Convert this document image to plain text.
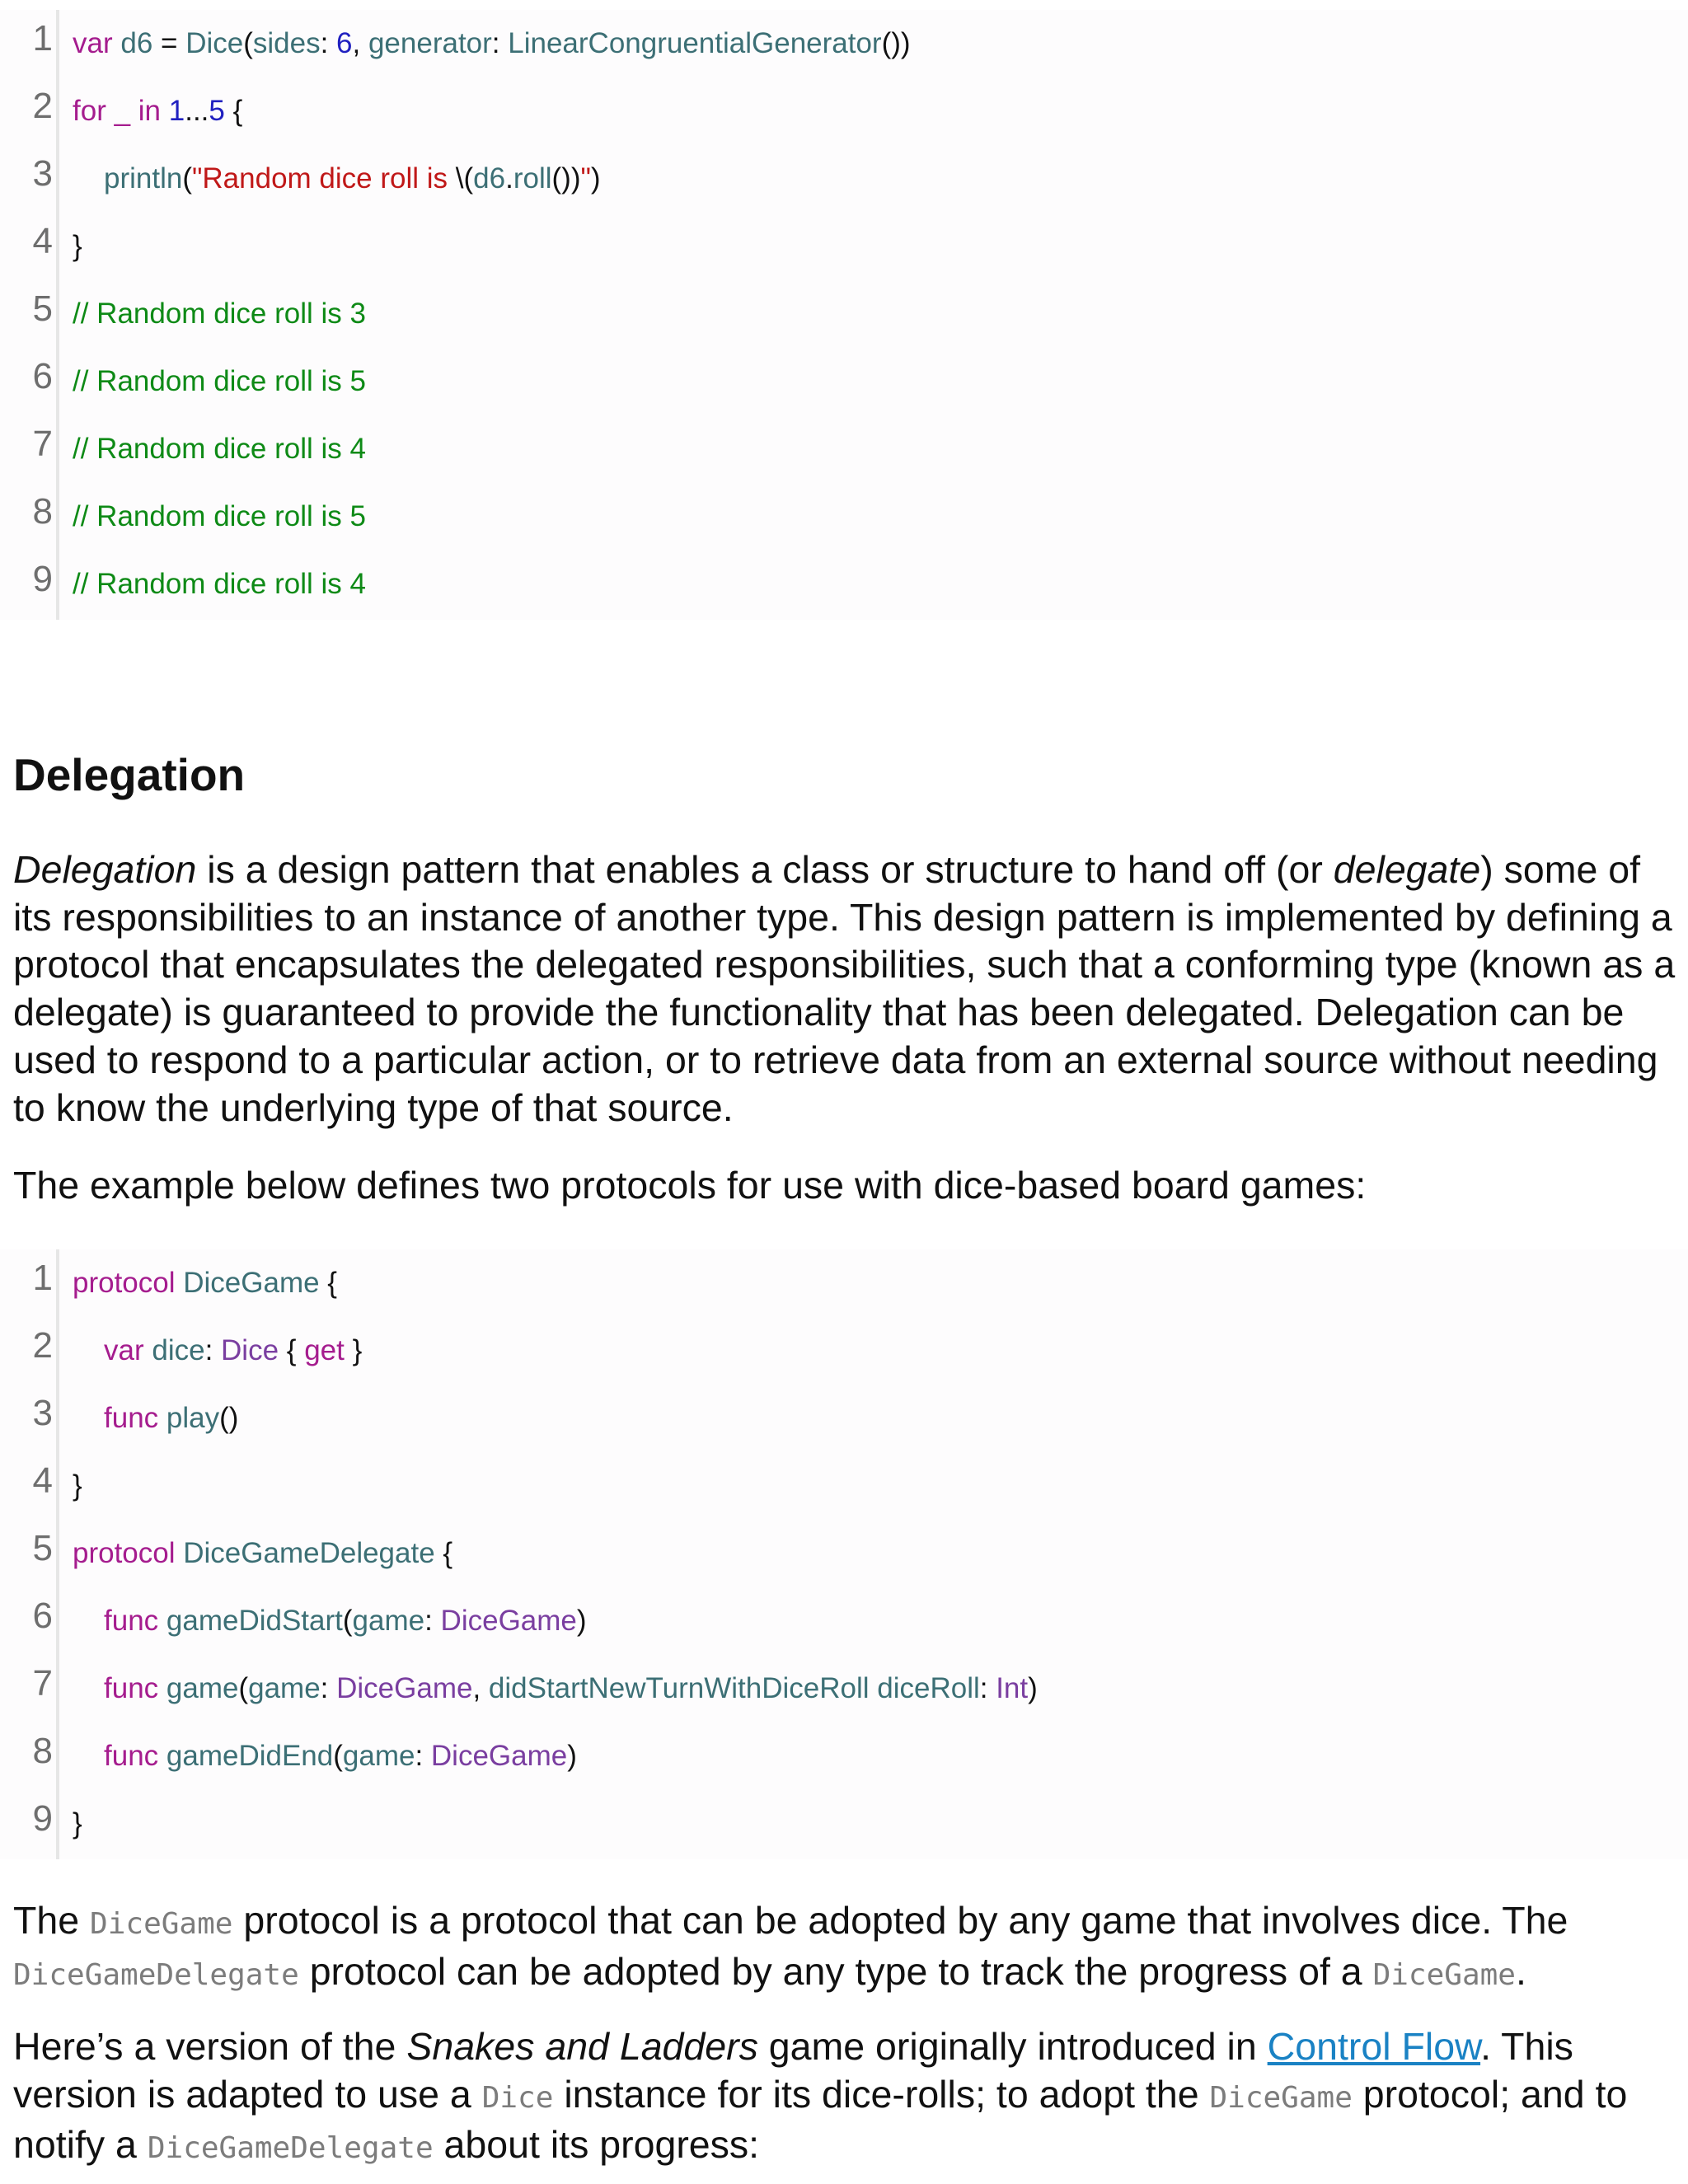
1 var d6 = Dice(sides: 6, generator: LinearCongruentialGenerator())
2 for _ in 1...5 {
3 println("Random dice roll is \(d6.roll())")
4 }
5 // Random dice roll is 3
6 // Random dice roll is 5
7 // Random dice roll is 4
8 // Random dice roll is 5
9 // Random dice roll is 4
Delegation

Delegation is a design pattern that enables a class or structure to hand off (or delegate) some of its responsibilities to an instance of another type. This design pattern is implemented by defining a protocol that encapsulates the delegated responsibilities, such that a conforming type (known as a delegate) is guaranteed to provide the functionality that has been delegated. Delegation can be used to respond to a particular action, or to retrieve data from an external source without needing to know the underlying type of that source.

The example below defines two protocols for use with dice-based board games:

1 protocol DiceGame {
2 var dice: Dice { get }
3 func play()
4 }
5 protocol DiceGameDelegate {
6 func gameDidStart(game: DiceGame)
7 func game(game: DiceGame, didStartNewTurnWithDiceRoll diceRoll: Int)
8 func gameDidEnd(game: DiceGame)
9 }

The DiceGame protocol is a protocol that can be adopted by any game that involves dice. The DiceGameDelegate protocol can be adopted by any type to track the progress of a DiceGame.

Here’s a version of the Snakes and Ladders game originally introduced in Control Flow. This version is adapted to use a Dice instance for its dice-rolls; to adopt the DiceGame protocol; and to notify a DiceGameDelegate about its progress:
